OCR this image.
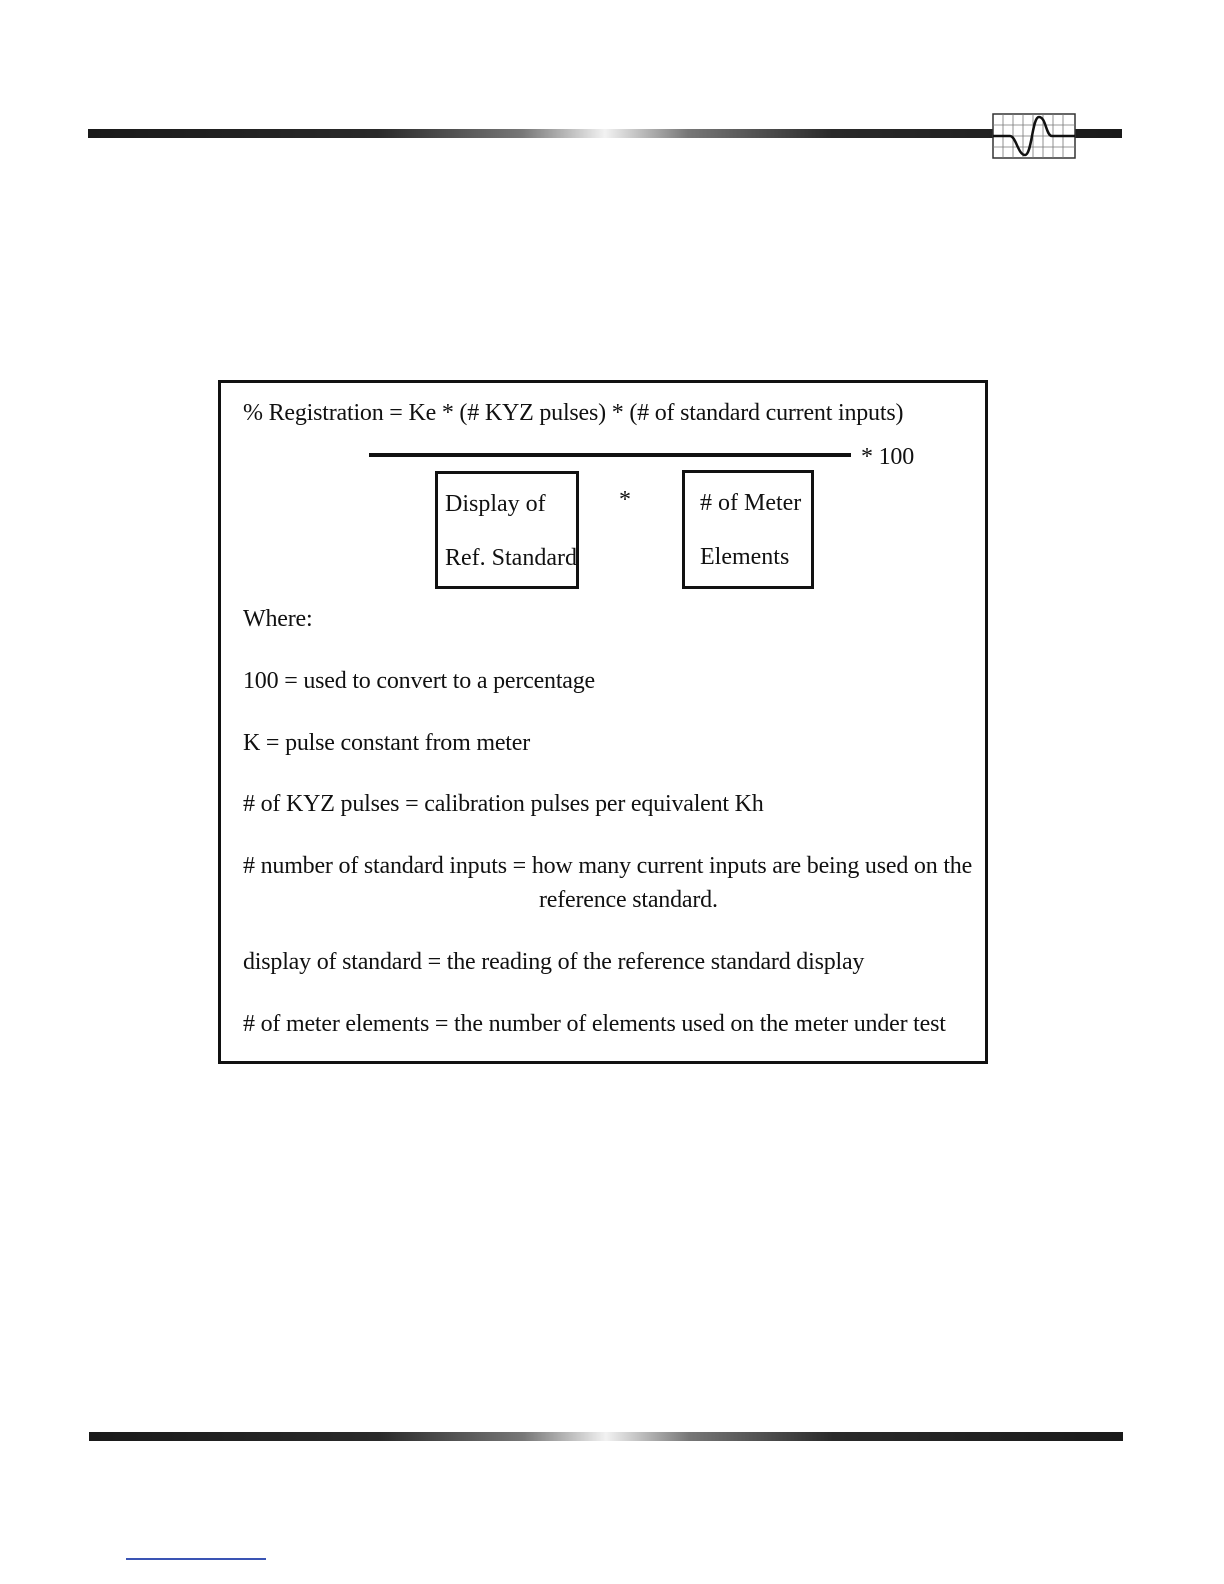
% Registration = Ke * (# KYZ pulses) * (# of standard current inputs)
* 100
Display of
Ref. Standard
*	# of Meter
Elements
Where:
100 = used to convert to a percentage
K = pulse constant from meter
# of KYZ pulses = calibration pulses per equivalent Kh
# number of standard inputs = how many current inputs are being used on the
reference standard.
display of standard = the reading of the reference standard display
# of meter elements = the number of elements used on the meter under test
